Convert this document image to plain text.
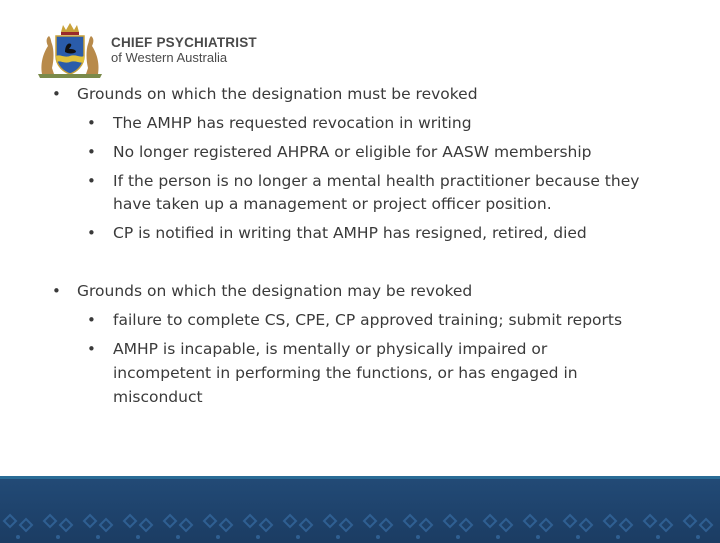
CHIEF PSYCHIATRIST
of Western Australia
• Grounds on which the designation must be revoked
• The AMHP has requested revocation in writing
• No longer registered AHPRA or eligible for AASW membership
• If the person is no longer a mental health practitioner because they
have taken up a management or project officer position.
• CP is notified in writing that AMHP has resigned, retired, died
• Grounds on which the designation may be revoked
• failure to complete CS, CPE, CP approved training; submit reports
• AMHP is incapable, is mentally or physically impaired or
incompetent in performing the functions, or has engaged in
misconduct
